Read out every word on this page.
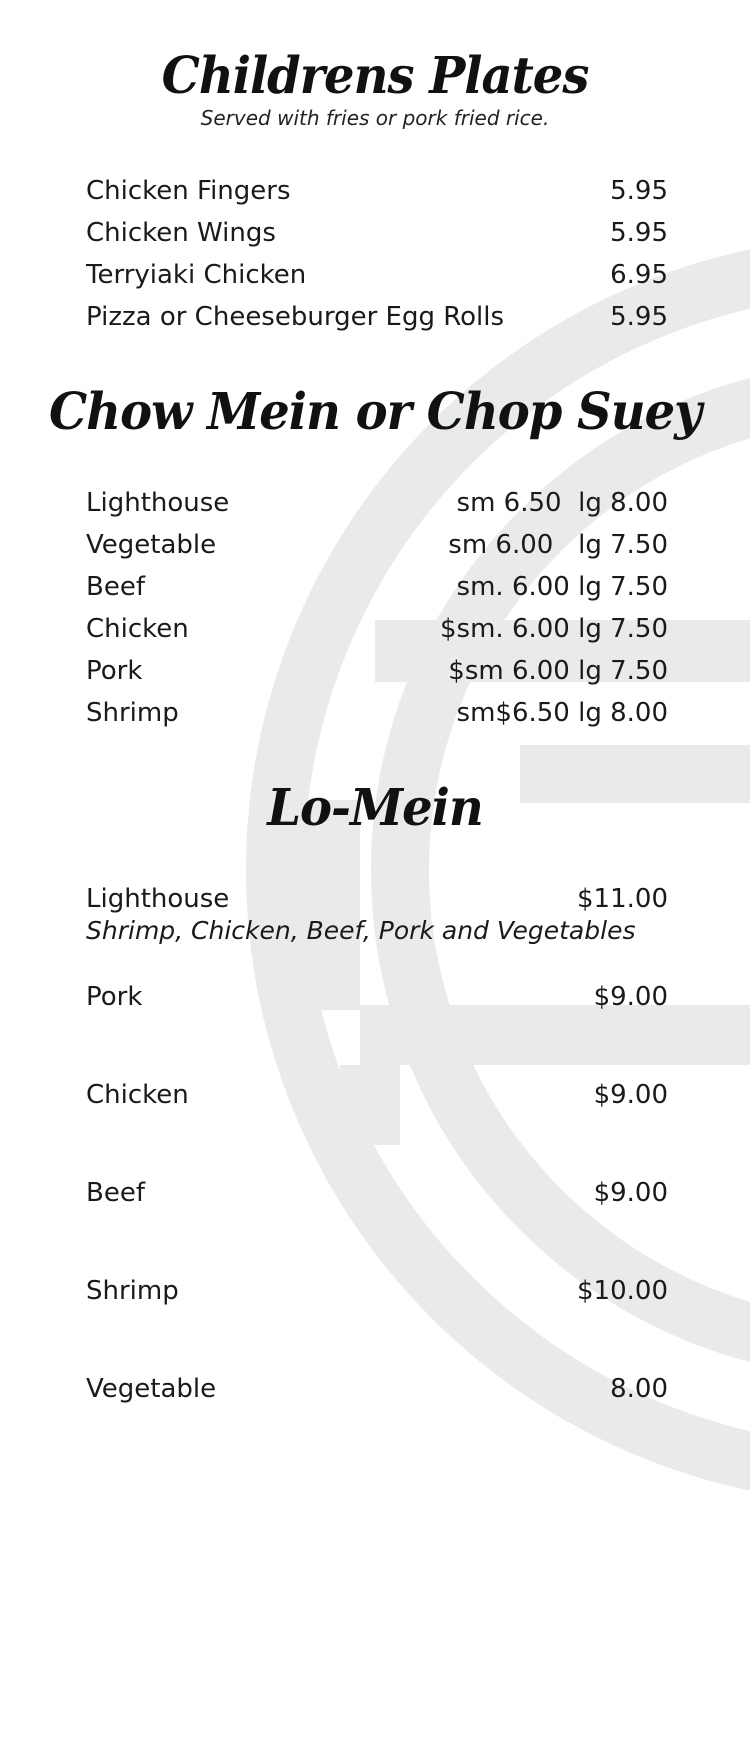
Childrens Plates
Served with fries or pork fried rice.
Chicken Fingers	5.95
Chicken Wings	5.95
Terryiaki Chicken	6.95
Pizza or Cheeseburger Egg Rolls	5.95
Chow Mein or Chop Suey
Lighthouse	sm 6.50  lg 8.00
Vegetable	sm 6.00   lg 7.50
Beef	sm. 6.00 lg 7.50
Chicken	$sm. 6.00 lg 7.50
Pork	$sm 6.00 lg 7.50
Shrimp	sm$6.50 lg 8.00
Lo-Mein
Lighthouse	$11.00
Shrimp, Chicken, Beef, Pork and Vegetables
Pork	$9.00
Chicken	$9.00
Beef	$9.00
Shrimp	$10.00
Vegetable	8.00
